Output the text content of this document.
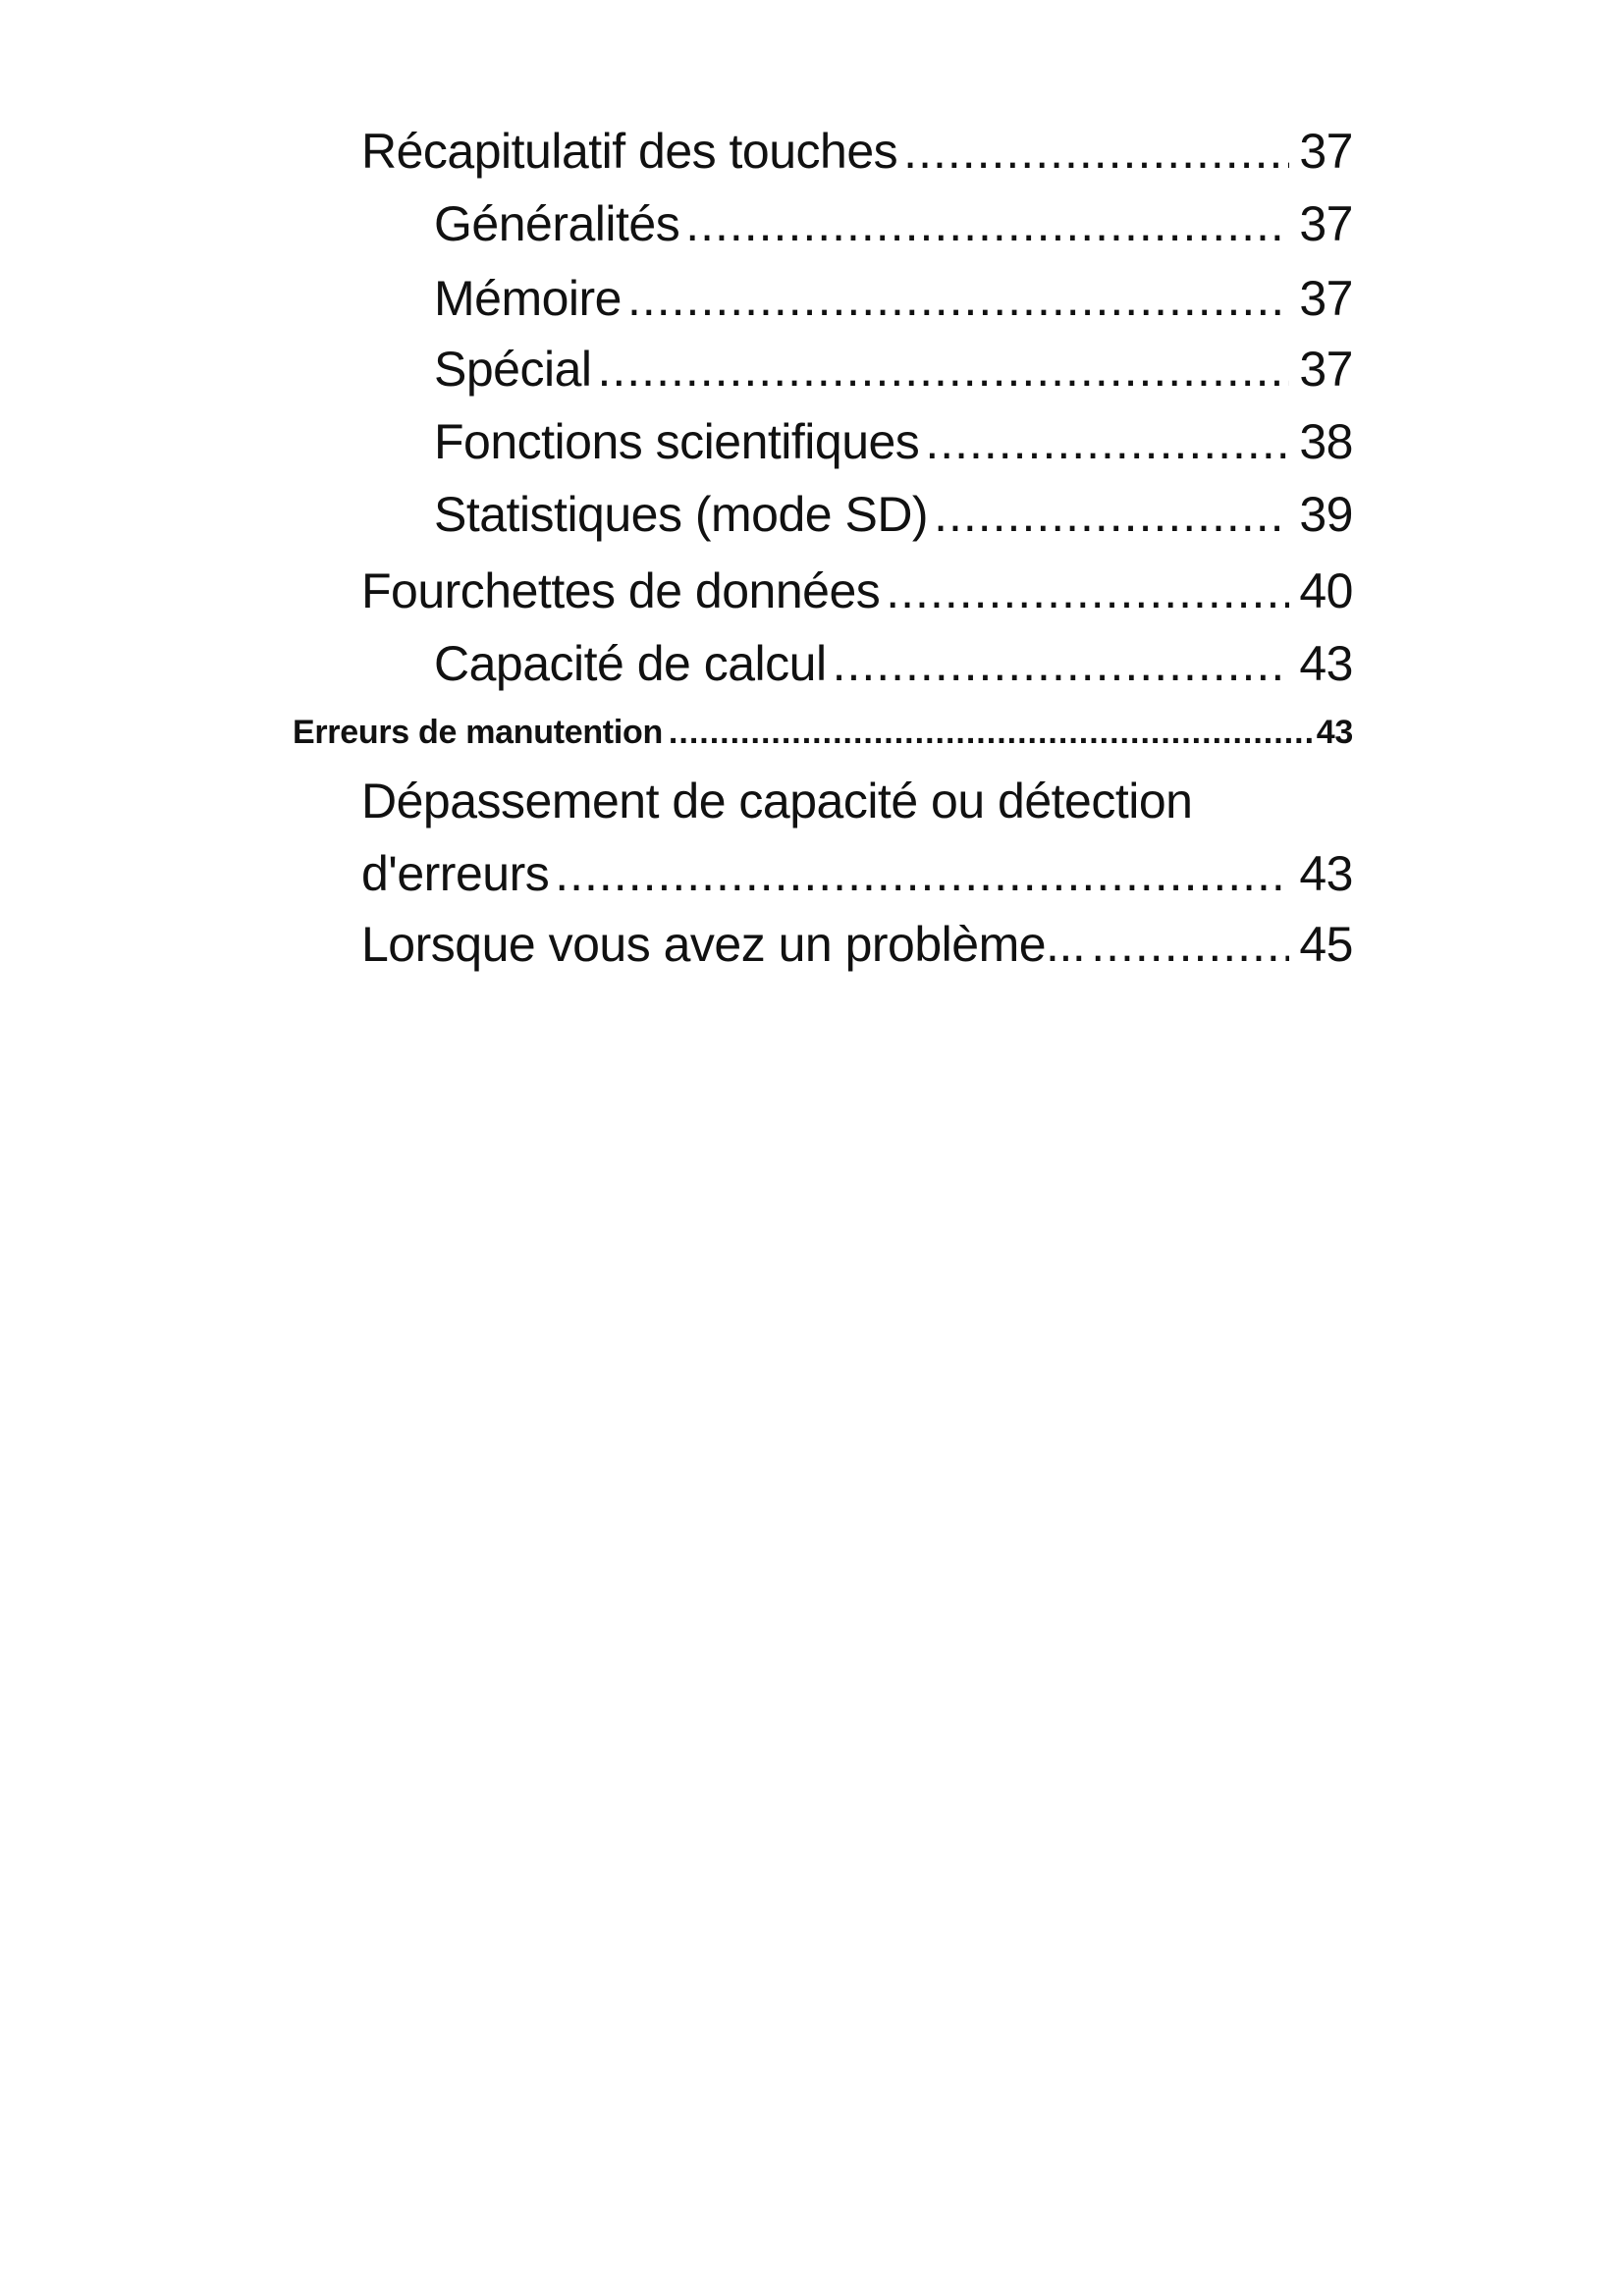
Récapitulatif des touches .....	37
Généralités .....	37
Mémoire .....	37
Spécial .....	37
Fonctions scientifiques .....	38
Statistiques (mode SD) .....	39
Fourchettes de données .....	40
Capacité de calcul .....	43
Erreurs de manutention .....	43
Dépassement de capacité ou détection
d'erreurs .....	43
Lorsque vous avez un problème... .....	45
